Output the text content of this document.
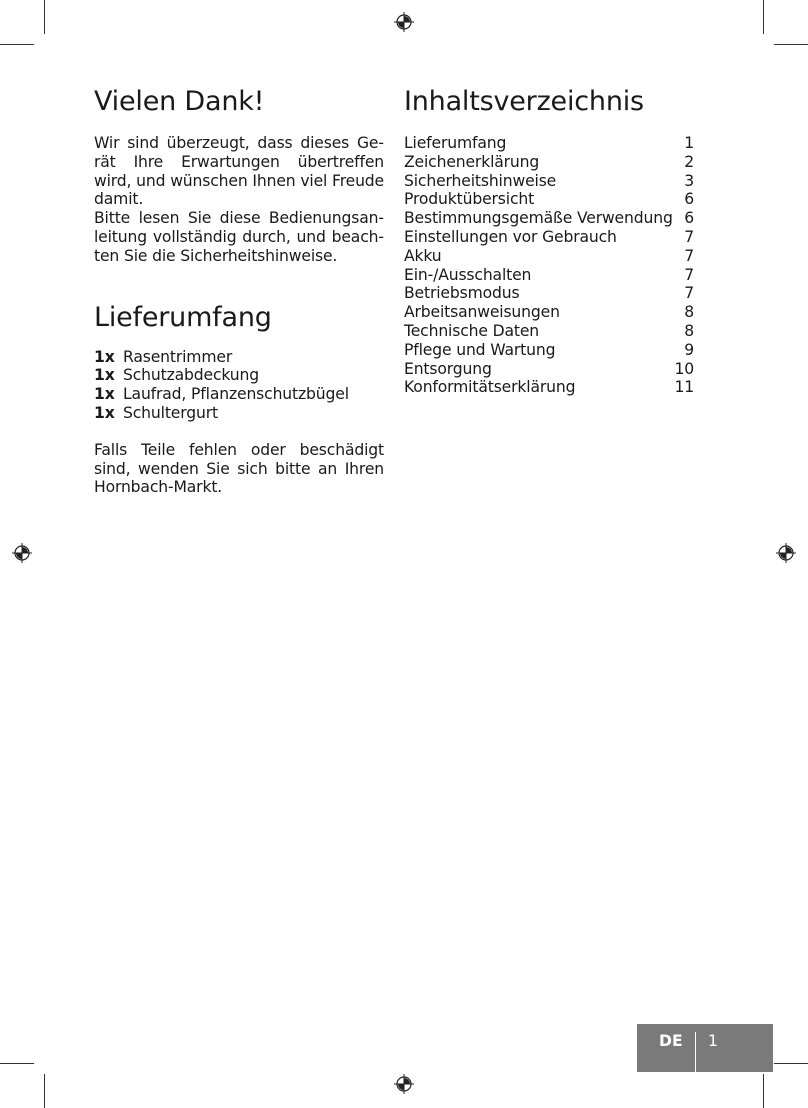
Vielen Dank!

Wir sind überzeugt, dass dieses Gerät Ihre Erwartungen übertreffen wird, und wünschen Ihnen viel Freude damit.

Bitte lesen Sie diese Bedienungsanleitung vollständig durch, und beachten Sie die Sicherheitshinweise.

Lieferumfang
1x Rasentrimmer
1x Schutzabdeckung
1x Laufrad, Pflanzenschutzbügel
1x Schultergurt

Falls Teile fehlen oder beschädigt sind, wenden Sie sich bitte an Ihren Hornbach-Markt.

Inhaltsverzeichnis
Lieferumfang	1
Zeichenerklärung	2
Sicherheitshinweise	3
Produktübersicht	6
Bestimmungsgemäße Verwendung 6
Einstellungen vor Gebrauch	7
Akku	7
Ein-/Ausschalten	7
Betriebsmodus	7
Arbeitsanweisungen	8
Technische Daten	8
Pflege und Wartung	9
Entsorgung	10
Konformitätserklärung	11
DE 1
